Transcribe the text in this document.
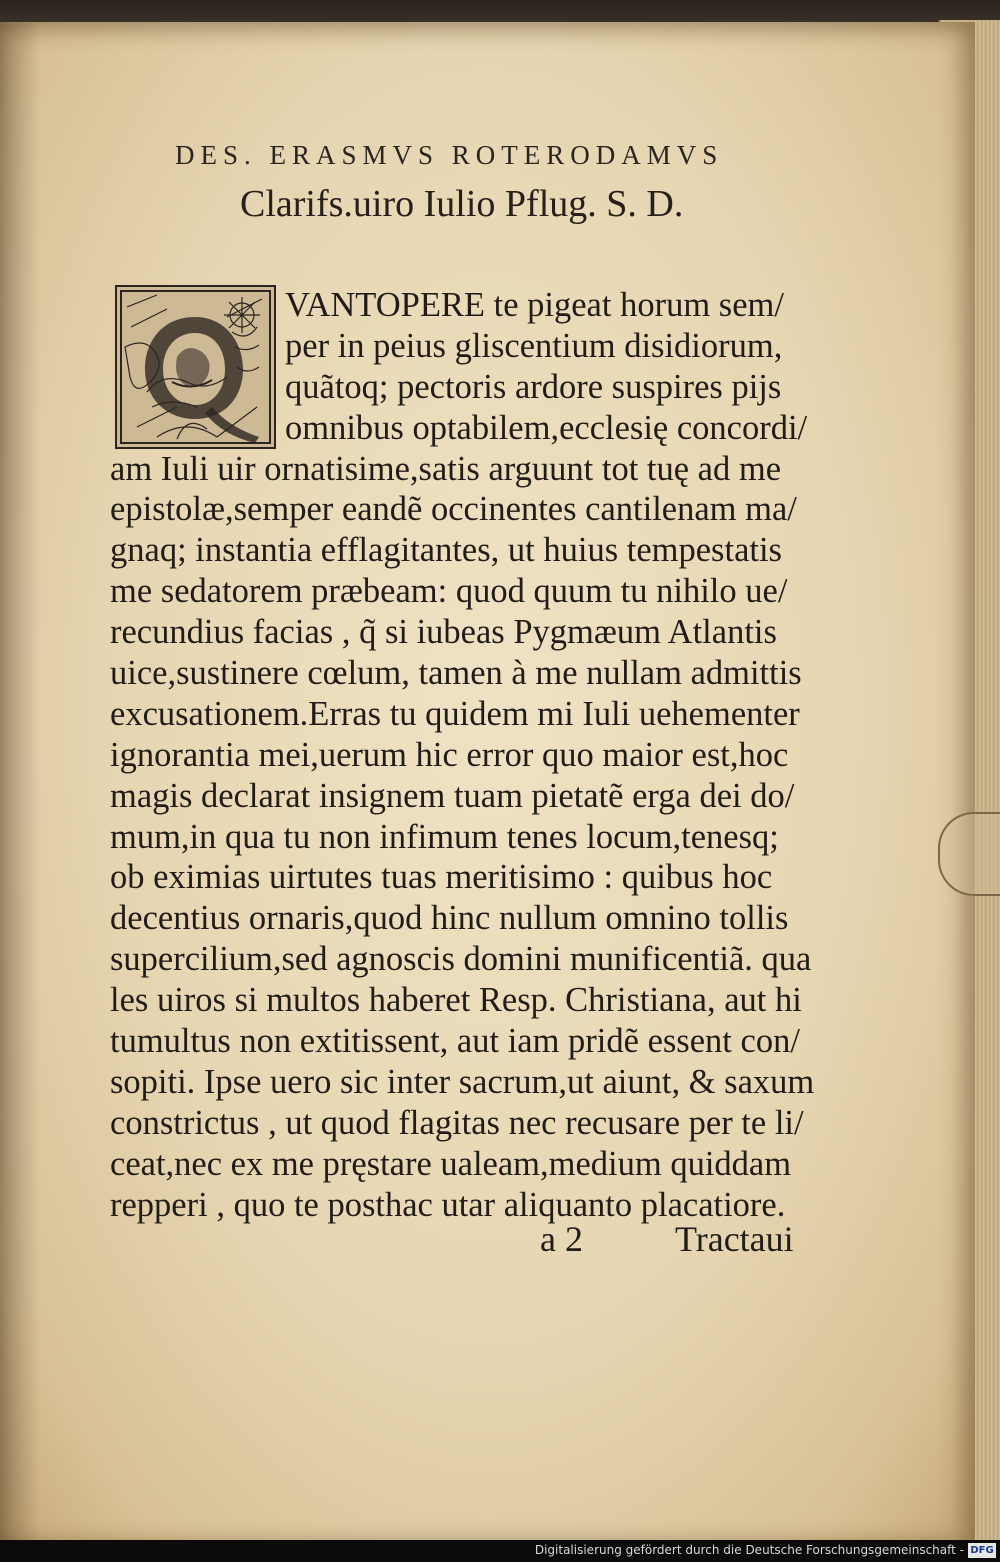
DES. ERASMVS ROTERODAMVS
Clarifs.uiro Iulio Pflug. S. D.
VANTOPERE te pigeat horum sem/
per in peius gliscentium disidiorum,
quãtoq; pectoris ardore suspires pijs
omnibus optabilem,ecclesię concordi/
am Iuli uir ornatisime,satis arguunt tot tuę ad me
epistolæ,semper eandẽ occinentes cantilenam ma/
gnaq; instantia efflagitantes, ut huius tempestatis
me sedatorem præbeam: quod quum tu nihilo ue/
recundius facias , q̃ si iubeas Pygmæum Atlantis
uice,sustinere cœlum, tamen à me nullam admittis
excusationem.Erras tu quidem mi Iuli uehementer
ignorantia mei,uerum hic error quo maior est,hoc
magis declarat insignem tuam pietatẽ erga dei do/
mum,in qua tu non infimum tenes locum,tenesq;
ob eximias uirtutes tuas meritisimo : quibus hoc
decentius ornaris,quod hinc nullum omnino tollis
supercilium,sed agnoscis domini munificentiã. qua
les uiros si multos haberet Resp. Christiana, aut hi
tumultus non extitissent, aut iam pridẽ essent con/
sopiti. Ipse uero sic inter sacrum,ut aiunt, & saxum
constrictus , ut quod flagitas nec recusare per te li/
ceat,nec ex me pręstare ualeam,medium quiddam
repperi , quo te posthac utar aliquanto placatiore.
a 2	Tractaui
Digitalisierung gefördert durch die Deutsche Forschungsgemeinschaft - DFG
